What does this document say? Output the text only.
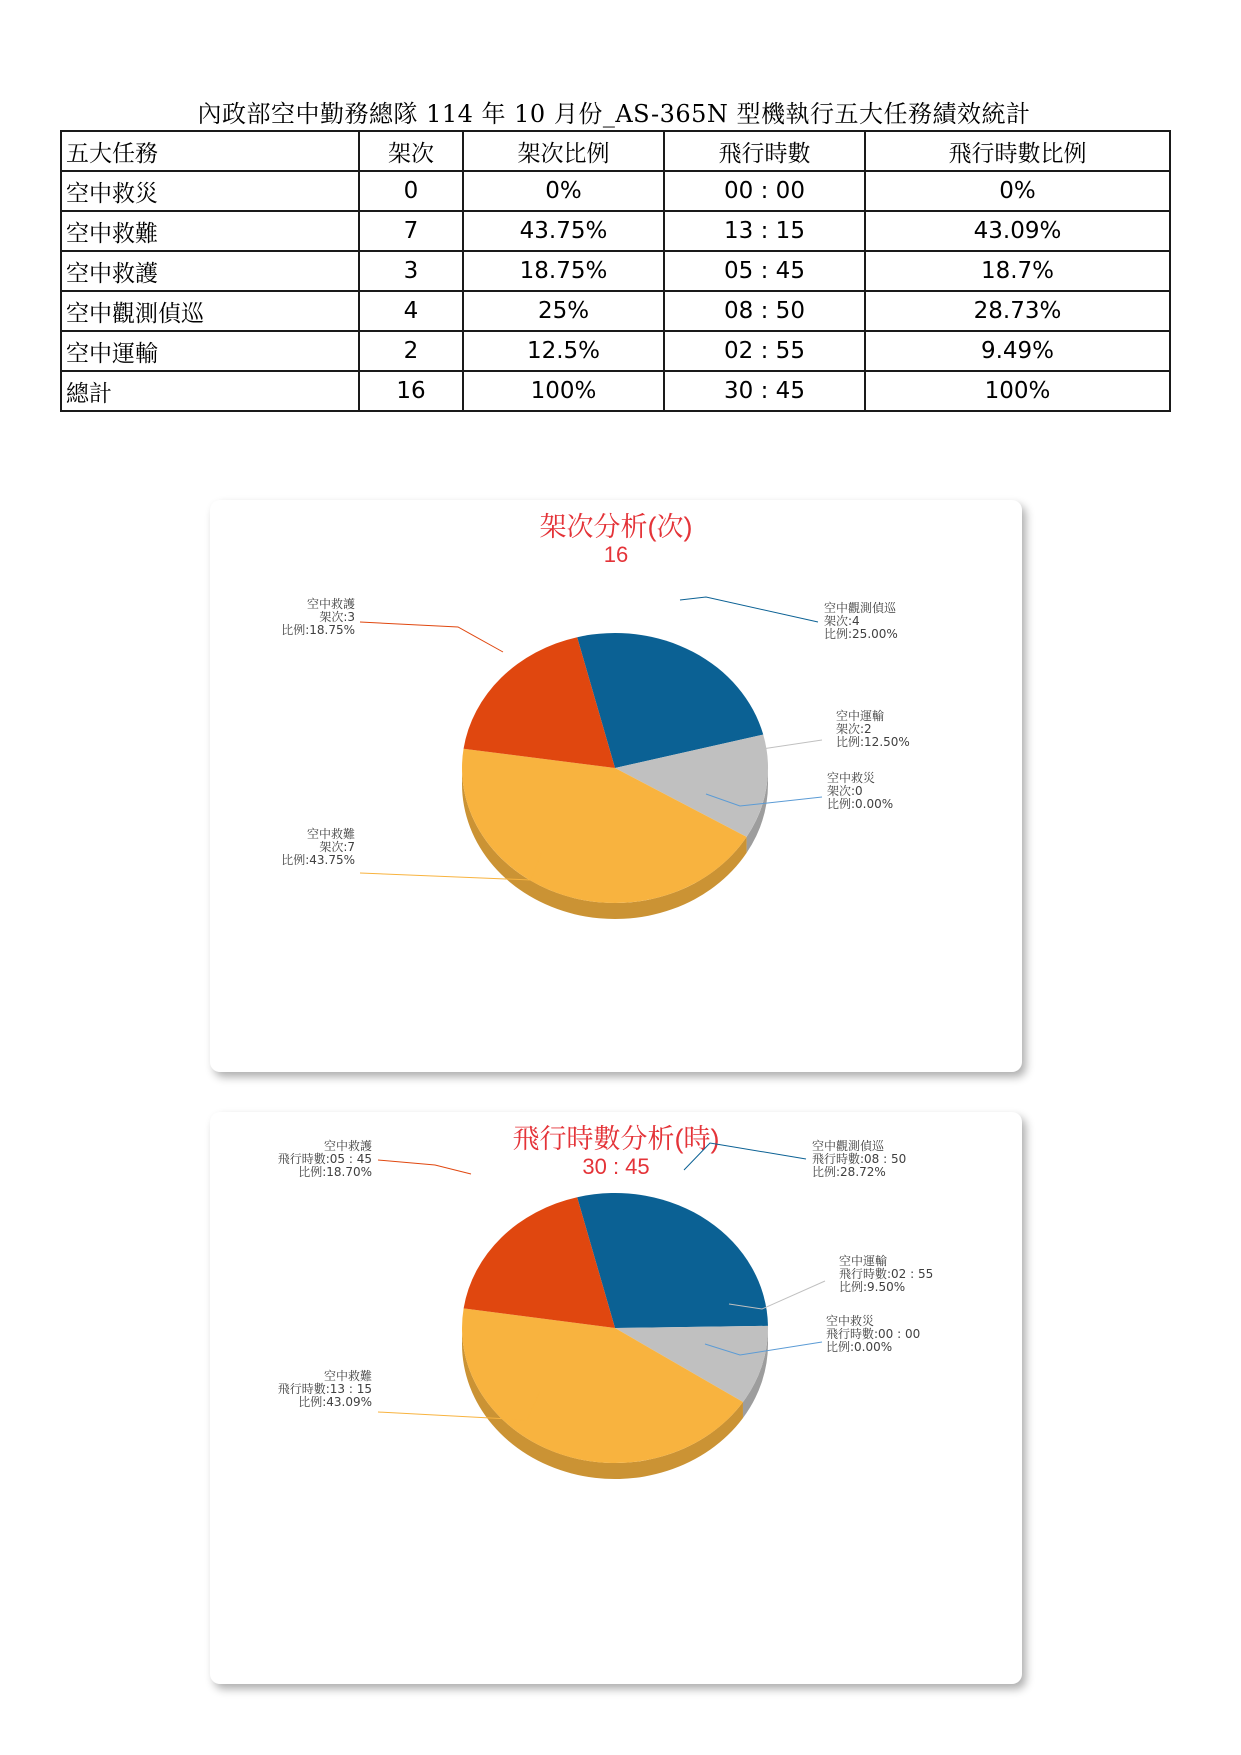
內政部空中勤務總隊 114 年 10 月份_AS-365N 型機執行五大任務績效統計
五大任務	架次	架次比例	飛行時數	飛行時數比例
空中救災	0	0%	00 : 00	0%
空中救難	7	43.75%	13 : 15	43.09%
空中救護	3	18.75%	05 : 45	18.7%
空中觀測偵巡	4	25%	08 : 50	28.73%
空中運輸	2	12.5%	02 : 55	9.49%
總計	16	100%	30 : 45	100%
架次分析(次)
16
空中觀測偵巡架次:4 比例:25.00%
空中運輸架次:2 比例:12.50%
空中救災架次:0 比例:0.00%
空中救難架次:7 比例:43.75%
空中救護架次:3 比例:18.75%
飛行時數分析(時)
30 : 45
空中觀測偵巡飛行時數:08 : 50 比例:28.72%
空中運輸飛行時數:02 : 55 比例:9.50%
空中救災飛行時數:00 : 00 比例:0.00%
空中救難飛行時數:13 : 15 比例:43.09%
空中救護飛行時數:05 : 45 比例:18.70%
